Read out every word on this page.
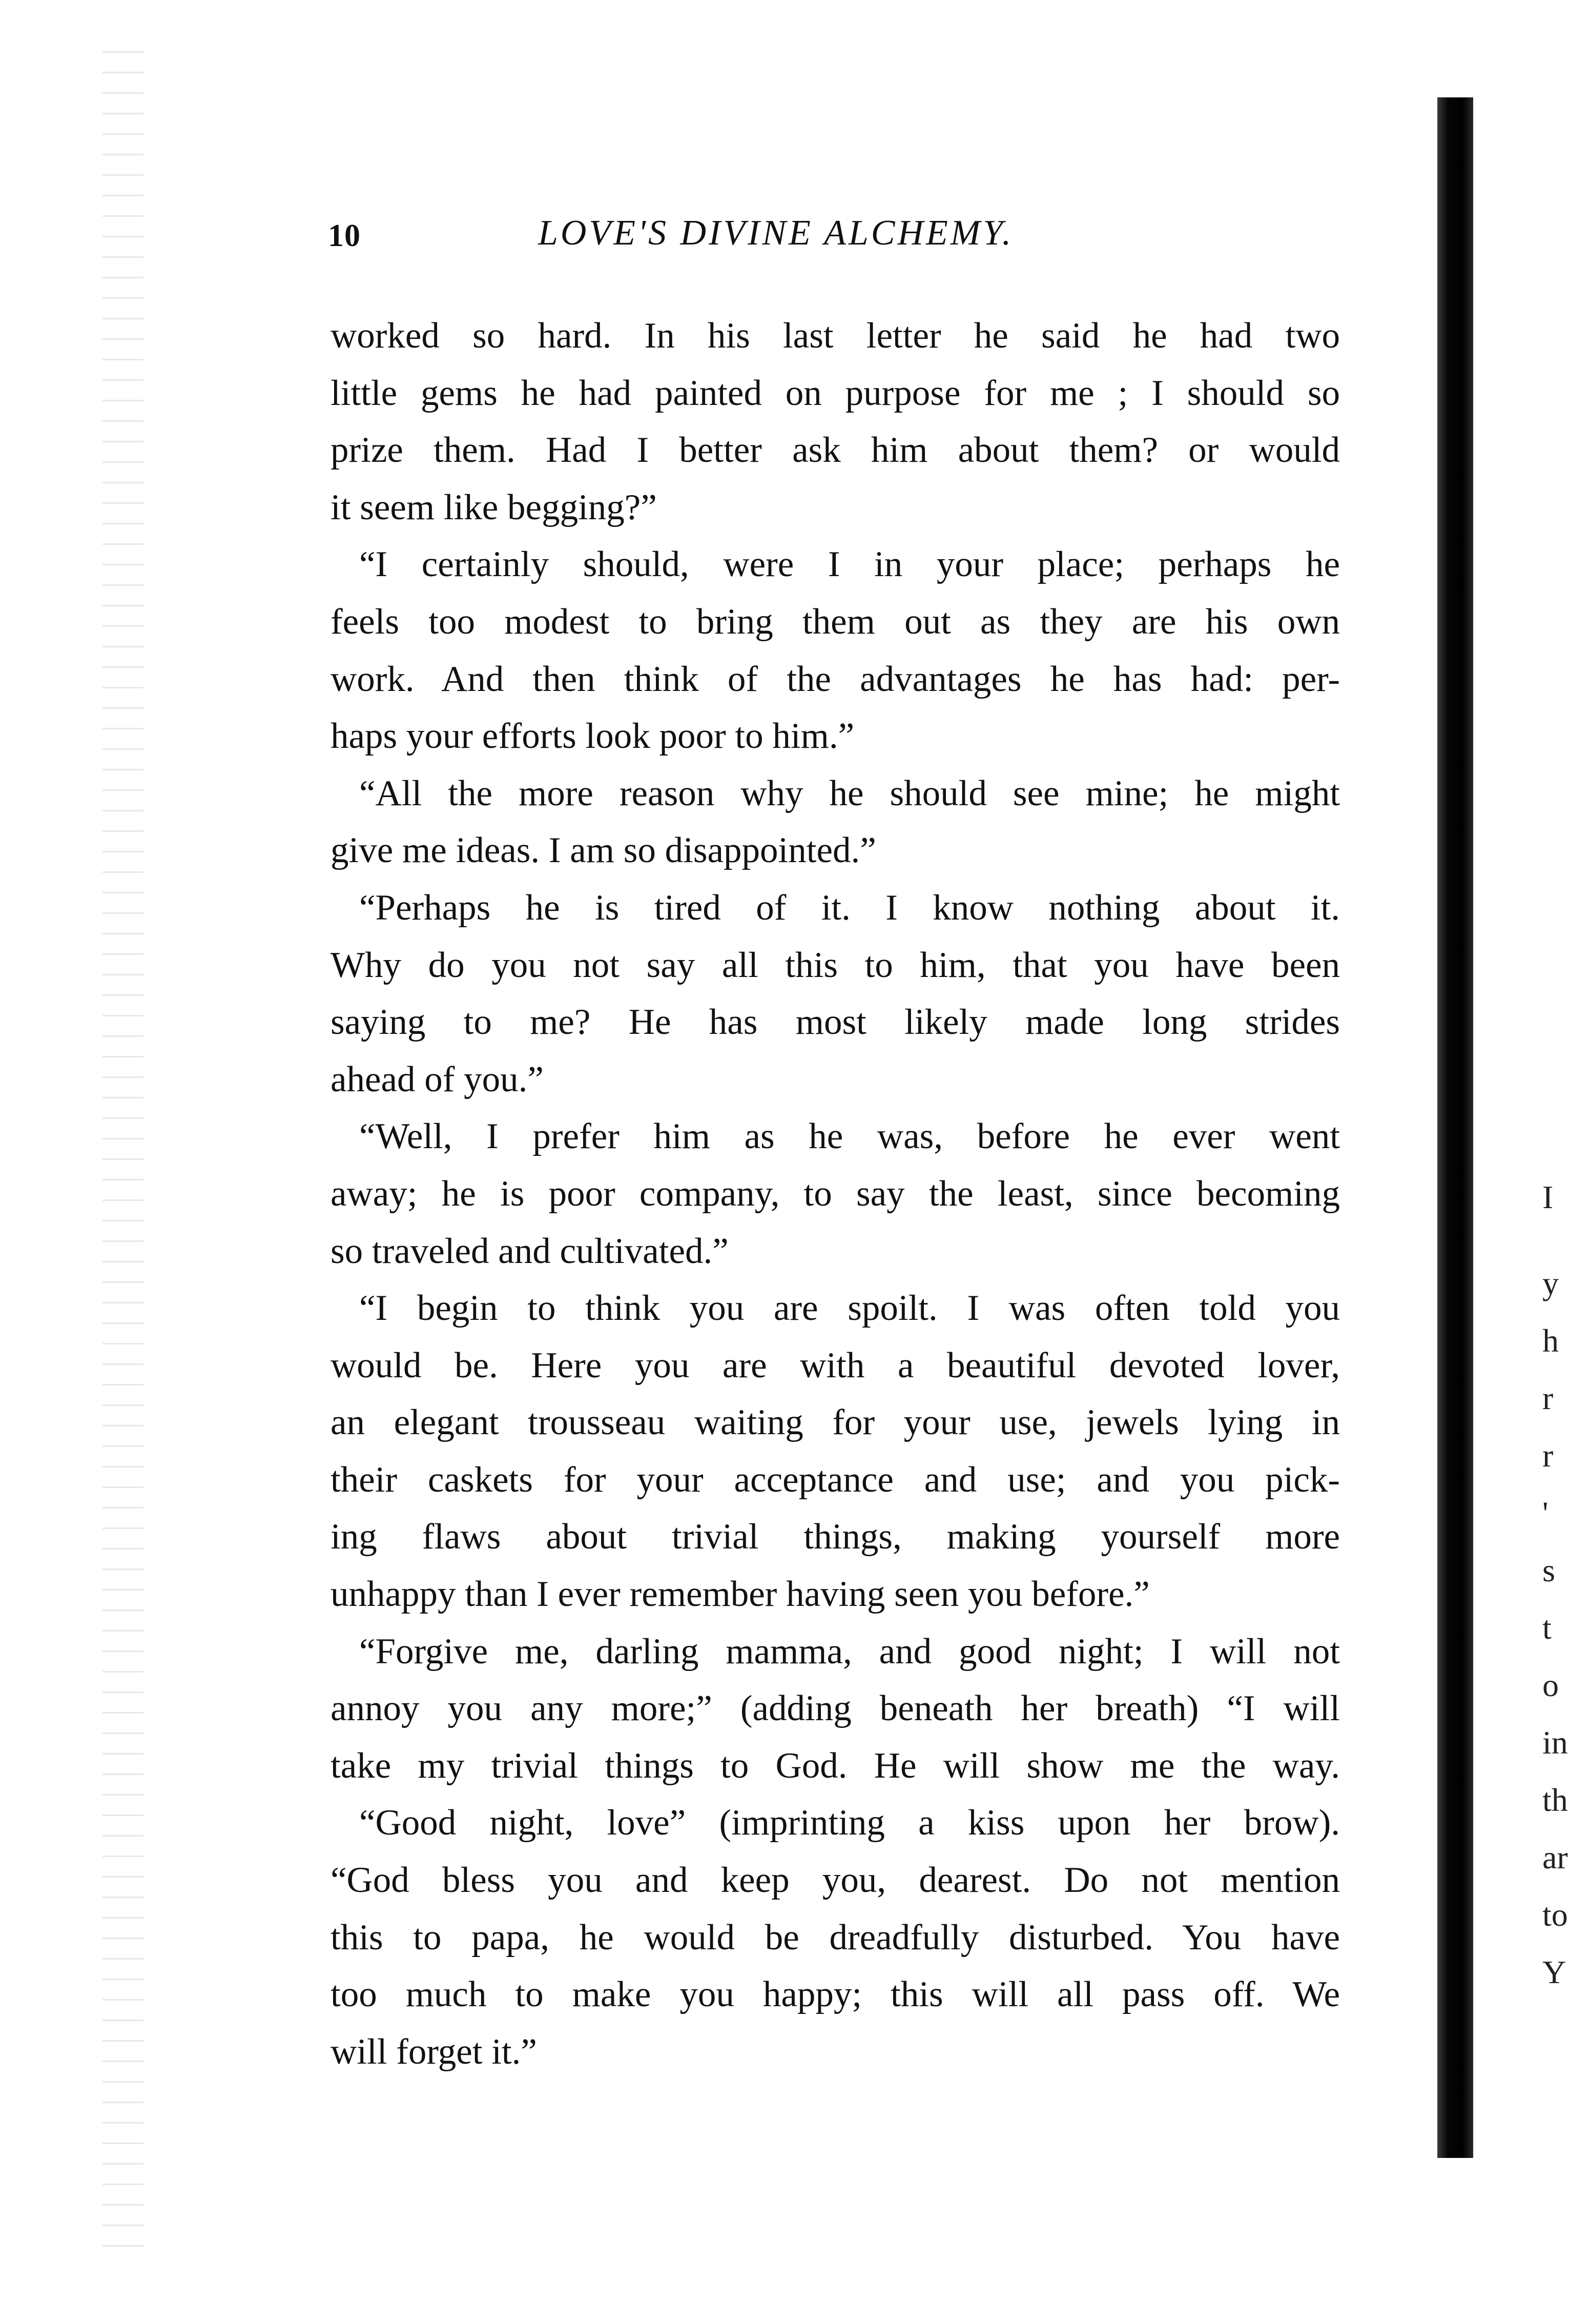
10	LOVE'S DIVINE ALCHEMY.
worked so hard. In his last letter he said he had two
little gems he had painted on purpose for me ; I should so
prize them. Had I better ask him about them? or would
it seem like begging?”
“I certainly should, were I in your place; perhaps he
feels too modest to bring them out as they are his own
work. And then think of the advantages he has had: per-
haps your efforts look poor to him.”
“All the more reason why he should see mine; he might
give me ideas. I am so disappointed.”
“Perhaps he is tired of it. I know nothing about it.
Why do you not say all this to him, that you have been
saying to me? He has most likely made long strides
ahead of you.”
“Well, I prefer him as he was, before he ever went
away; he is poor company, to say the least, since becoming
so traveled and cultivated.”
“I begin to think you are spoilt. I was often told you
would be. Here you are with a beautiful devoted lover,
an elegant trousseau waiting for your use, jewels lying in
their caskets for your acceptance and use; and you pick-
ing flaws about trivial things, making yourself more
unhappy than I ever remember having seen you before.”
“Forgive me, darling mamma, and good night; I will not
annoy you any more;” (adding beneath her breath) “I will
take my trivial things to God. He will show me the way.
“Good night, love” (imprinting a kiss upon her brow).
“God bless you and keep you, dearest. Do not mention
this to papa, he would be dreadfully disturbed. You have
too much to make you happy; this will all pass off. We
will forget it.”
I
y
h
r
r
'
s
t
o
in
th
ar
to
Y
